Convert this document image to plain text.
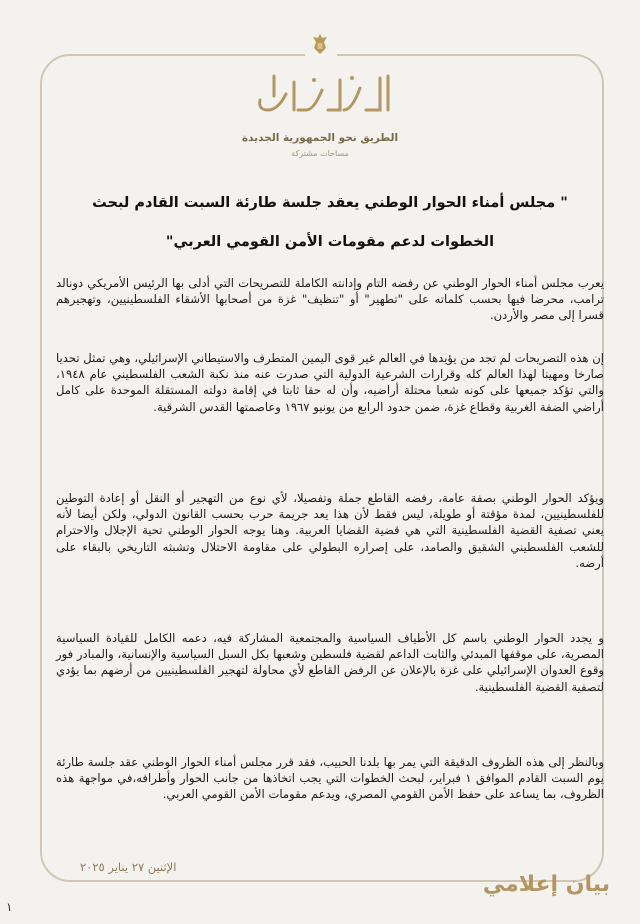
الطريق نحو الجمهورية الجديدة
مساحات مشتركة
" مجلس أمناء الحوار الوطني يعقد جلسة طارئة السبت القادم لبحث
الخطوات لدعم مقومات الأمن القومي العربي"
يعرب مجلس أمناء الحوار الوطني عن رفضه التام وإدانته الكاملة للتصريحات التي أدلى بها الرئيس الأمريكي دونالد ترامب، محرضا فيها بحسب كلماته على "تطهير" أو "تنظيف" غزة من أصحابها الأشقاء الفلسطينيين، وتهجيرهم قسرا إلى مصر والأردن.
إن هذه التصريحات لم تجد من يؤيدها في العالم غير قوى اليمين المتطرف والاستيطاني الإسرائيلي، وهي تمثل تحديا صارخا ومهينا لهذا العالم كله وقرارات الشرعية الدولية التي صدرت عنه منذ نكبة الشعب الفلسطيني عام ١٩٤٨، والتي تؤكد جميعها على كونه شعبا محتلة أراضيه، وأن له حقا ثابتا في إقامة دولته المستقلة الموحدة على كامل أراضي الضفة الغربية وقطاع غزة، ضمن حدود الرابع من يونيو ١٩٦٧ وعاصمتها القدس الشرقية.
ويؤكد الحوار الوطني بصفة عامة، رفضه القاطع جملة وتفصيلا، لأي نوع من التهجير أو النقل أو إعادة التوطين للفلسطينيين، لمدة مؤقتة أو طويلة، ليس فقط لأن هذا يعد جريمة حرب بحسب القانون الدولي، ولكن أيضا لأنه يعني تصفية القضية الفلسطينية التي هي قضية القضايا العربية. وهنا يوجه الحوار الوطني تحية الإجلال والاحترام للشعب الفلسطيني الشقيق والصامد، على إصراره البطولي على مقاومة الاحتلال وتشبثه التاريخي بالبقاء على أرضه.
و يجدد الحوار الوطني باسم كل الأطياف السياسية والمجتمعية المشاركة فيه، دعمه الكامل للقيادة السياسية المصرية، على موقفها المبدئي والثابت الداعم لقضية فلسطين وشعبها بكل السبل السياسية والإنسانية، والمبادر فور وقوع العدوان الإسرائيلي على غزة بالإعلان عن الرفض القاطع لأي محاولة لتهجير الفلسطينيين من أرضهم بما يؤدي لتصفية القضية الفلسطينية.
وبالنظر إلى هذه الظروف الدقيقة التي يمر بها بلدنا الحبيب، فقد قرر مجلس أمناء الحوار الوطني عقد جلسة طارئة يوم السبت القادم الموافق ١ فبراير، لبحث الخطوات التي يجب اتخاذها من جانب الحوار وأطرافه،في مواجهة هذه الظروف، بما يساعد على حفظ الأمن القومي المصري، ويدعم مقومات الأمن القومي العربي.
الإثنين ٢٧ يناير ٢٠٢٥
بيان إعلامي
١
